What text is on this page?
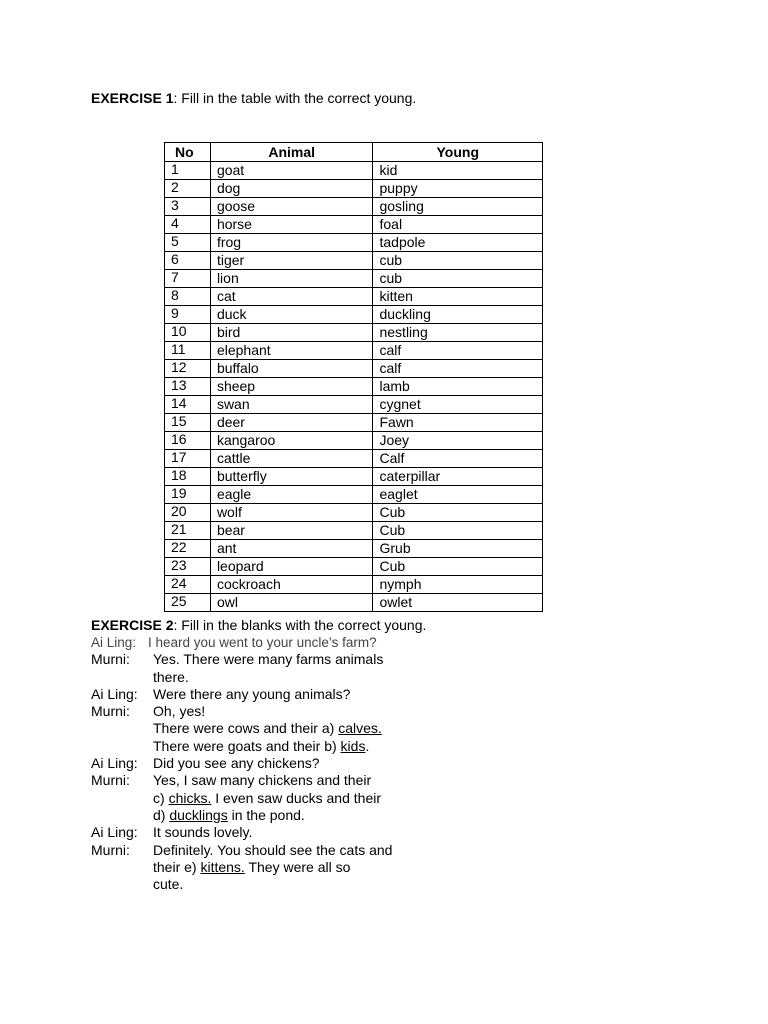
EXERCISE 1: Fill in the table with the correct young.
No	Animal	Young
1	goat	kid
2	dog	puppy
3	goose	gosling
4	horse	foal
5	frog	tadpole
6	tiger	cub
7	lion	cub
8	cat	kitten
9	duck	duckling
10	bird	nestling
11	elephant	calf
12	buffalo	calf
13	sheep	lamb
14	swan	cygnet
15	deer	Fawn
16	kangaroo	Joey
17	cattle	Calf
18	butterfly	caterpillar
19	eagle	eaglet
20	wolf	Cub
21	bear	Cub
22	ant	Grub
23	leopard	Cub
24	cockroach	nymph
25	owl	owlet
EXERCISE 2: Fill in the blanks with the correct young.
Ai Ling: I heard you went to your uncle’s farm?
Murni: Yes. There were many farms animals
there.
Ai Ling: Were there any young animals?
Murni: Oh, yes!
There were cows and their a) calves.
There were goats and their b) kids.
Ai Ling: Did you see any chickens?
Murni: Yes, I saw many chickens and their
c) chicks. I even saw ducks and their
d) ducklings in the pond.
Ai Ling: It sounds lovely.
Murni: Definitely. You should see the cats and
their e) kittens. They were all so
cute.
